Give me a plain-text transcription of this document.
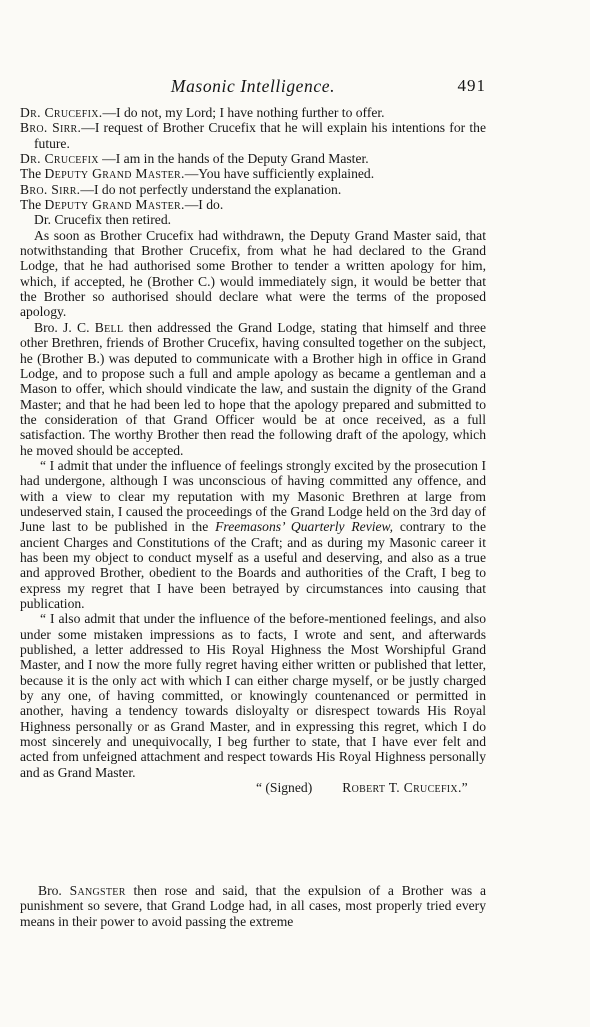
Masonic Intelligence.	491

Dr. Crucefix.—I do not, my Lord; I have nothing further to offer.

Bro. Sirr.—I request of Brother Crucefix that he will explain his intentions for the future.

Dr. Crucefix —I am in the hands of the Deputy Grand Master.

The Deputy Grand Master.—You have sufficiently explained.

Bro. Sirr.—I do not perfectly understand the explanation.

The Deputy Grand Master.—I do.

Dr. Crucefix then retired.

As soon as Brother Crucefix had withdrawn, the Deputy Grand Master said, that notwithstanding that Brother Crucefix, from what he had declared to the Grand Lodge, that he had authorised some Brother to tender a written apology for him, which, if accepted, he (Brother C.) would immediately sign, it would be better that the Brother so authorised should declare what were the terms of the proposed apology.

Bro. J. C. Bell then addressed the Grand Lodge, stating that himself and three other Brethren, friends of Brother Crucefix, having consulted together on the subject, he (Brother B.) was deputed to communicate with a Brother high in office in Grand Lodge, and to propose such a full and ample apology as became a gentleman and a Mason to offer, which should vindicate the law, and sustain the dignity of the Grand Master; and that he had been led to hope that the apology prepared and submitted to the consideration of that Grand Officer would be at once received, as a full satisfaction. The worthy Brother then read the following draft of the apology, which he moved should be accepted.

“ I admit that under the influence of feelings strongly excited by the prosecution I had undergone, although I was unconscious of having committed any offence, and with a view to clear my reputation with my Masonic Brethren at large from undeserved stain, I caused the proceedings of the Grand Lodge held on the 3rd day of June last to be published in the Freemasons’ Quarterly Review, contrary to the ancient Charges and Constitutions of the Craft; and as during my Masonic career it has been my object to conduct myself as a useful and deserving, and also as a true and approved Brother, obedient to the Boards and authorities of the Craft, I beg to express my regret that I have been betrayed by circumstances into causing that publication.

“ I also admit that under the influence of the before-mentioned feelings, and also under some mistaken impressions as to facts, I wrote and sent, and afterwards published, a letter addressed to His Royal Highness the Most Worshipful Grand Master, and I now the more fully regret having either written or published that letter, because it is the only act with which I can either charge myself, or be justly charged by any one, of having committed, or knowingly countenanced or permitted in another, having a tendency towards disloyalty or disrespect towards His Royal Highness personally or as Grand Master, and in expressing this regret, which I do most sincerely and unequivocally, I beg further to state, that I have ever felt and acted from unfeigned attachment and respect towards His Royal Highness personally and as Grand Master.

“ (Signed) Robert T. Crucefix.”

Bro. Sangster then rose and said, that the expulsion of a Brother was a punishment so severe, that Grand Lodge had, in all cases, most properly tried every means in their power to avoid passing the extreme
